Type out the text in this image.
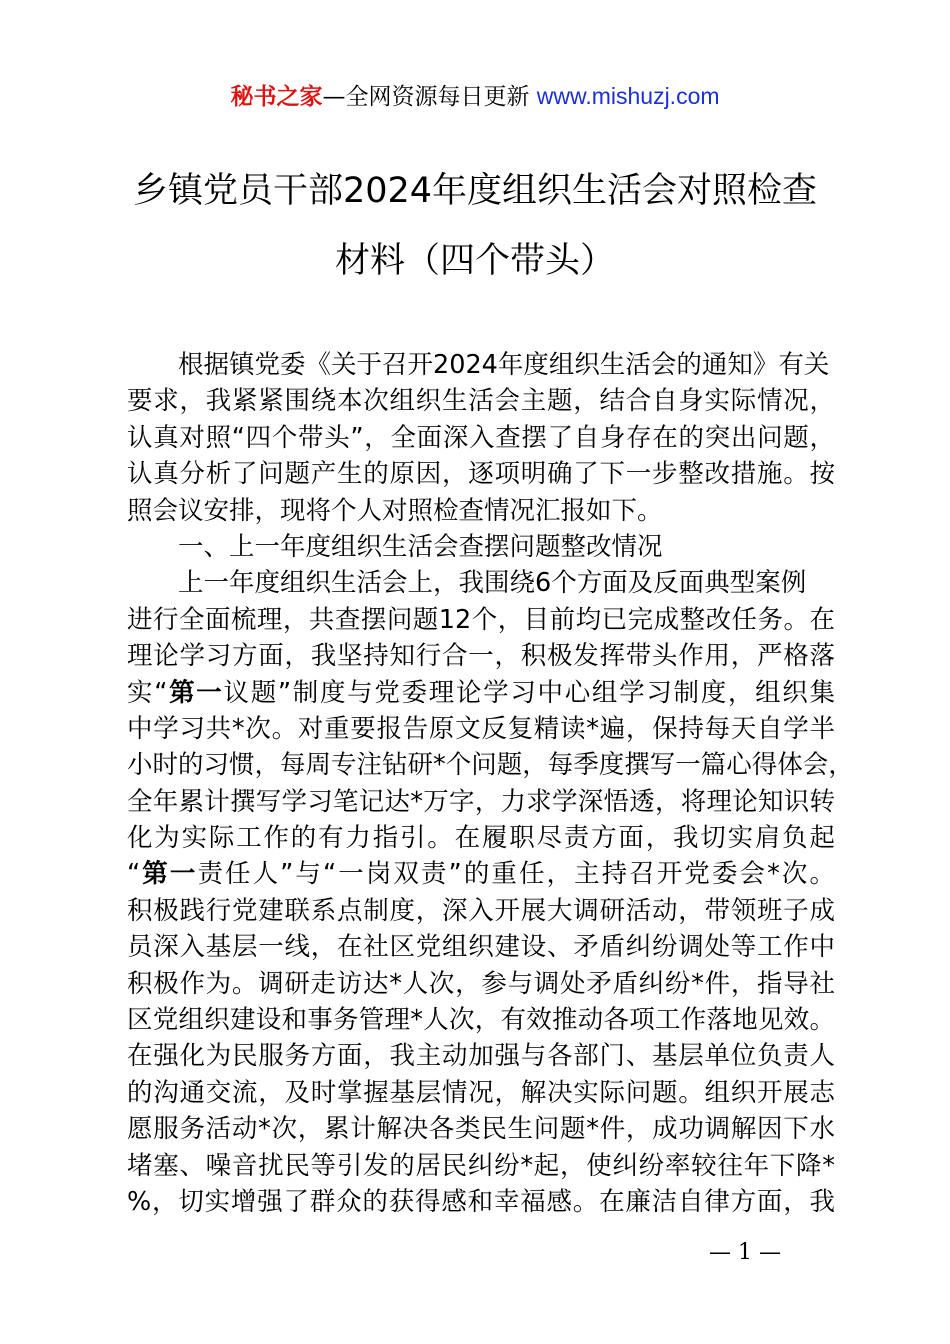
秘书之家—全网资源每日更新 www.mishuzj.com
乡镇党员干部2024年度组织生活会对照检查
材料（四个带头）
根据镇党委《关于召开2024年度组织生活会的通知》有关
要求，我紧紧围绕本次组织生活会主题，结合自身实际情况，
认真对照“四个带头”，全面深入查摆了自身存在的突出问题，
认真分析了问题产生的原因，逐项明确了下一步整改措施。按
照会议安排，现将个人对照检查情况汇报如下。
一、上一年度组织生活会查摆问题整改情况
上一年度组织生活会上，我围绕6个方面及反面典型案例
进行全面梳理，共查摆问题12个，目前均已完成整改任务。在
理论学习方面，我坚持知行合一，积极发挥带头作用，严格落
实“第一议题”制度与党委理论学习中心组学习制度，组织集
中学习共*次。对重要报告原文反复精读*遍，保持每天自学半
小时的习惯，每周专注钻研*个问题，每季度撰写一篇心得体会，
全年累计撰写学习笔记达*万字，力求学深悟透，将理论知识转
化为实际工作的有力指引。在履职尽责方面，我切实肩负起
“第一责任人”与“一岗双责”的重任，主持召开党委会*次。
积极践行党建联系点制度，深入开展大调研活动，带领班子成
员深入基层一线，在社区党组织建设、矛盾纠纷调处等工作中
积极作为。调研走访达*人次，参与调处矛盾纠纷*件，指导社
区党组织建设和事务管理*人次，有效推动各项工作落地见效。
在强化为民服务方面，我主动加强与各部门、基层单位负责人
的沟通交流，及时掌握基层情况，解决实际问题。组织开展志
愿服务活动*次，累计解决各类民生问题*件，成功调解因下水
堵塞、噪音扰民等引发的居民纠纷*起，使纠纷率较往年下降*
%，切实增强了群众的获得感和幸福感。在廉洁自律方面，我
— 1 —
